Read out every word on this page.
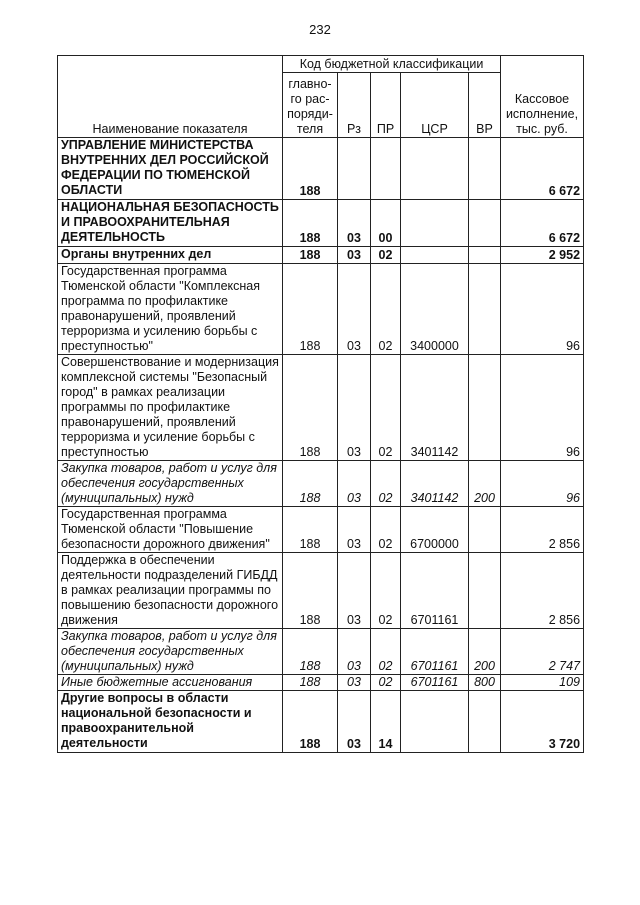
232
Наименование показателя	Код бюджетной классификации					Кассовое исполнение, тыс. руб.
	главно-го рас-поряди-теля	Рз	ПР	ЦСР	ВР	
УПРАВЛЕНИЕ МИНИСТЕРСТВА ВНУТРЕННИХ ДЕЛ РОССИЙСКОЙ ФЕДЕРАЦИИ ПО ТЮМЕНСКОЙ ОБЛАСТИ	188					6 672
НАЦИОНАЛЬНАЯ БЕЗОПАСНОСТЬ И ПРАВООХРАНИТЕЛЬНАЯ ДЕЯТЕЛЬНОСТЬ	188	03	00			6 672
Органы внутренних дел	188	03	02			2 952
Государственная программа Тюменской области "Комплексная программа по профилактике правонарушений, проявлений терроризма и усилению борьбы с преступностью"	188	03	02	3400000		96
Совершенствование и модернизация комплексной системы "Безопасный город" в рамках реализации программы по профилактике правонарушений, проявлений терроризма и усиление борьбы с преступностью	188	03	02	3401142		96
Закупка товаров, работ и услуг для обеспечения государственных (муниципальных) нужд	188	03	02	3401142	200	96
Государственная программа Тюменской области "Повышение безопасности дорожного движения"	188	03	02	6700000		2 856
Поддержка в обеспечении деятельности подразделений ГИБДД в рамках реализации программы по повышению безопасности дорожного движения	188	03	02	6701161		2 856
Закупка товаров, работ и услуг для обеспечения государственных (муниципальных) нужд	188	03	02	6701161	200	2 747
Иные бюджетные ассигнования	188	03	02	6701161	800	109
Другие вопросы в области национальной безопасности и правоохранительной деятельности	188	03	14			3 720
